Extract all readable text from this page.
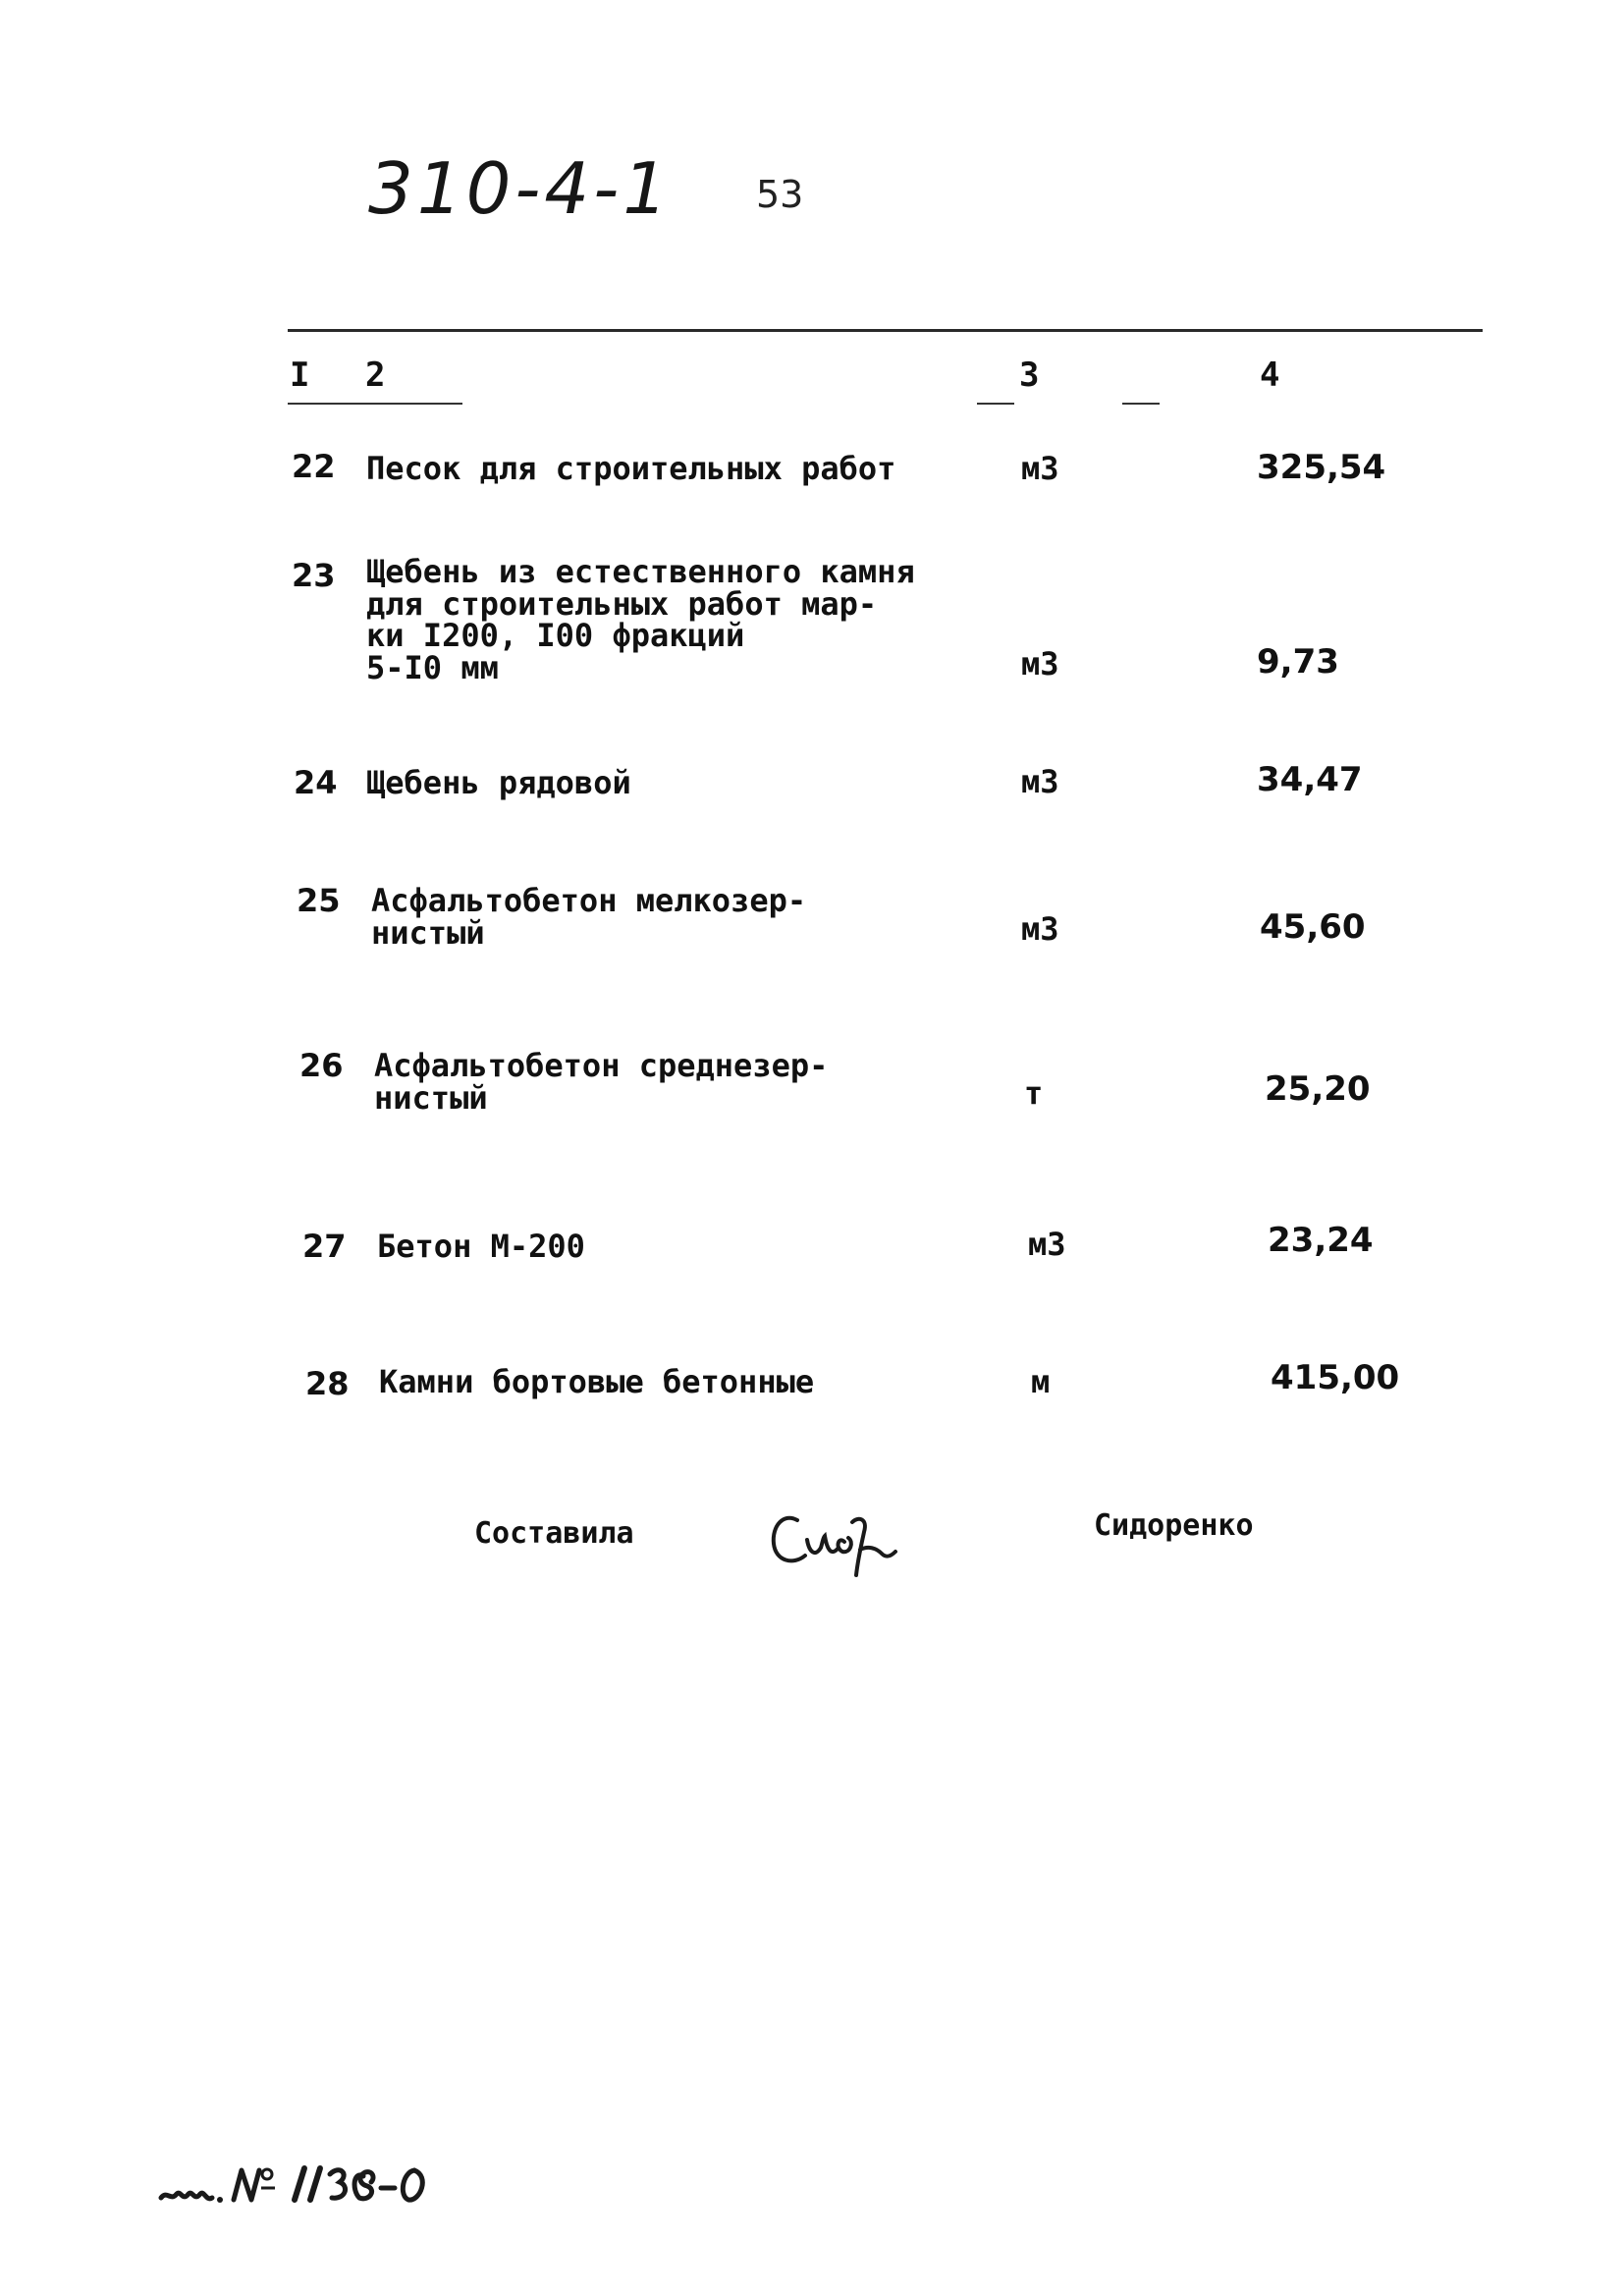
310-4-1 53
I 2	3	4
22 Песок для строительных работ	м3	325,54
23 Щебень из естественного камня
для строительных работ мар-
ки I200, I00 фракций
5-I0 мм	м3	9,73
24 Щебень рядовой	м3	34,47
25 Асфальтобетон мелкозер-
нистый	м3	45,60
26 Асфальтобетон среднезер-
нистый	т	25,20
27 Бетон М-200	м3	23,24
28 Камни бортовые бетонные	м	415,00
Составила	Сидоренко
